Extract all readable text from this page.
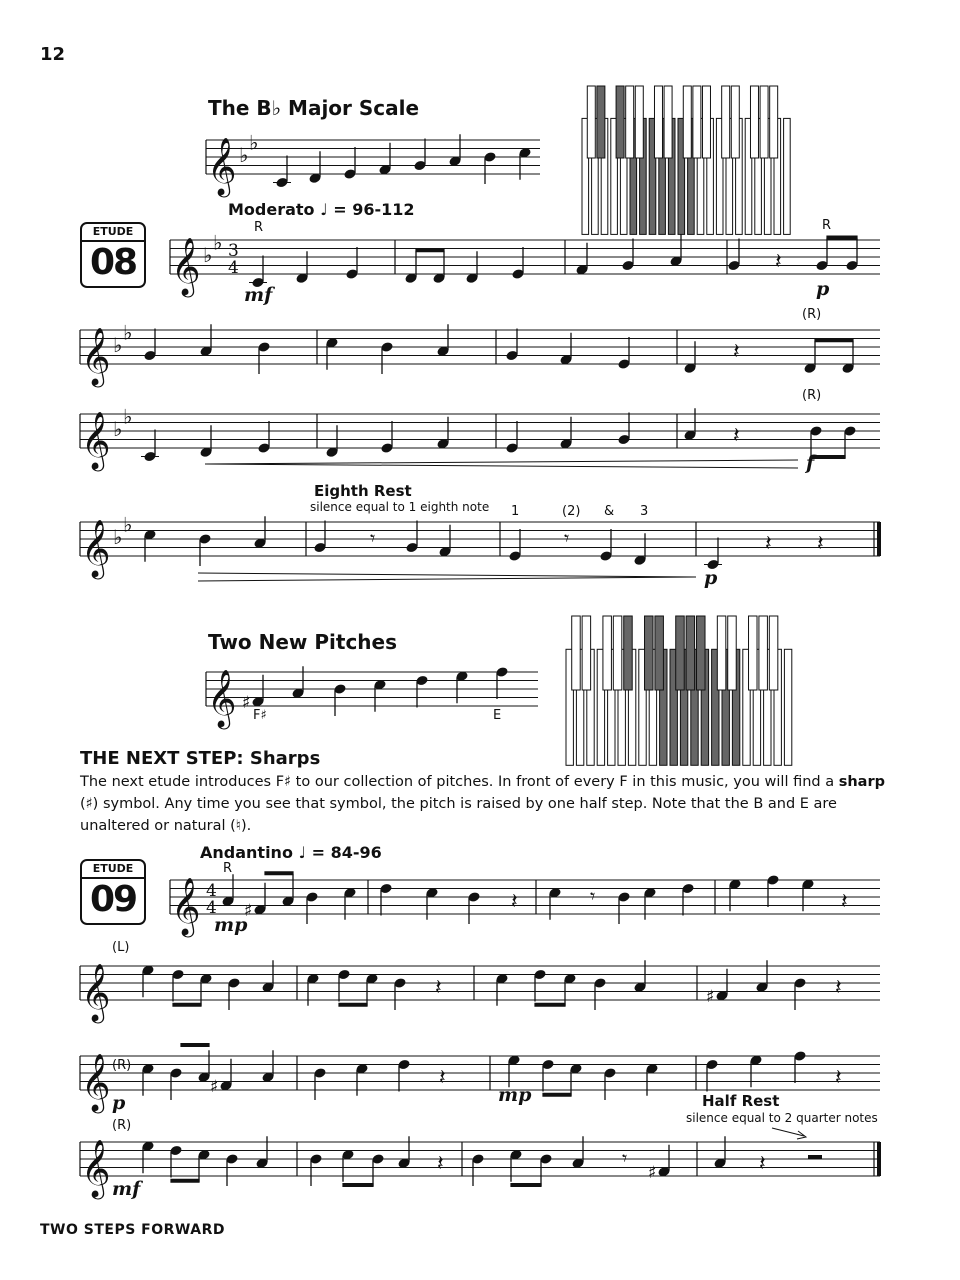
𝄞 ♭
♭
𝄞 ♭
♭ 3
4	𝄽
𝄞 ♭
♭
𝄽
𝄞 ♭
♭
𝄽
𝄞 ♭
♭
𝄾	𝄾	𝄽 𝄽
𝄞 ♯
𝄞 4
4 ♯	𝄽	𝄾	𝄽
𝄞	𝄽	♯	𝄽
𝄞	♯	𝄽	𝄽
𝄞	𝄽	𝄾
♯	𝄽
12
The B♭ Major Scale
ETUDE
08
Moderato ♩ = 96-112
R	R
(R)
(R)
mf	p
f
p
Eighth Rest
silence equal to 1 eighth note 1	(2) & 3
Two New Pitches
F♯	E
THE NEXT STEP: Sharps
The next etude introduces F♯ to our collection of pitches. In front of every F in this music, you will find a sharp (♯) symbol. Any time you see that symbol, the pitch is raised by one half step. Note that the B and E are unaltered or natural (♮).
ETUDE
09
Andantino ♩ = 84-96
R
(L)
(R)
(R)
mp
p	mp
mf
Half Rest
silence equal to 2 quarter notes
TWO STEPS FORWARD
